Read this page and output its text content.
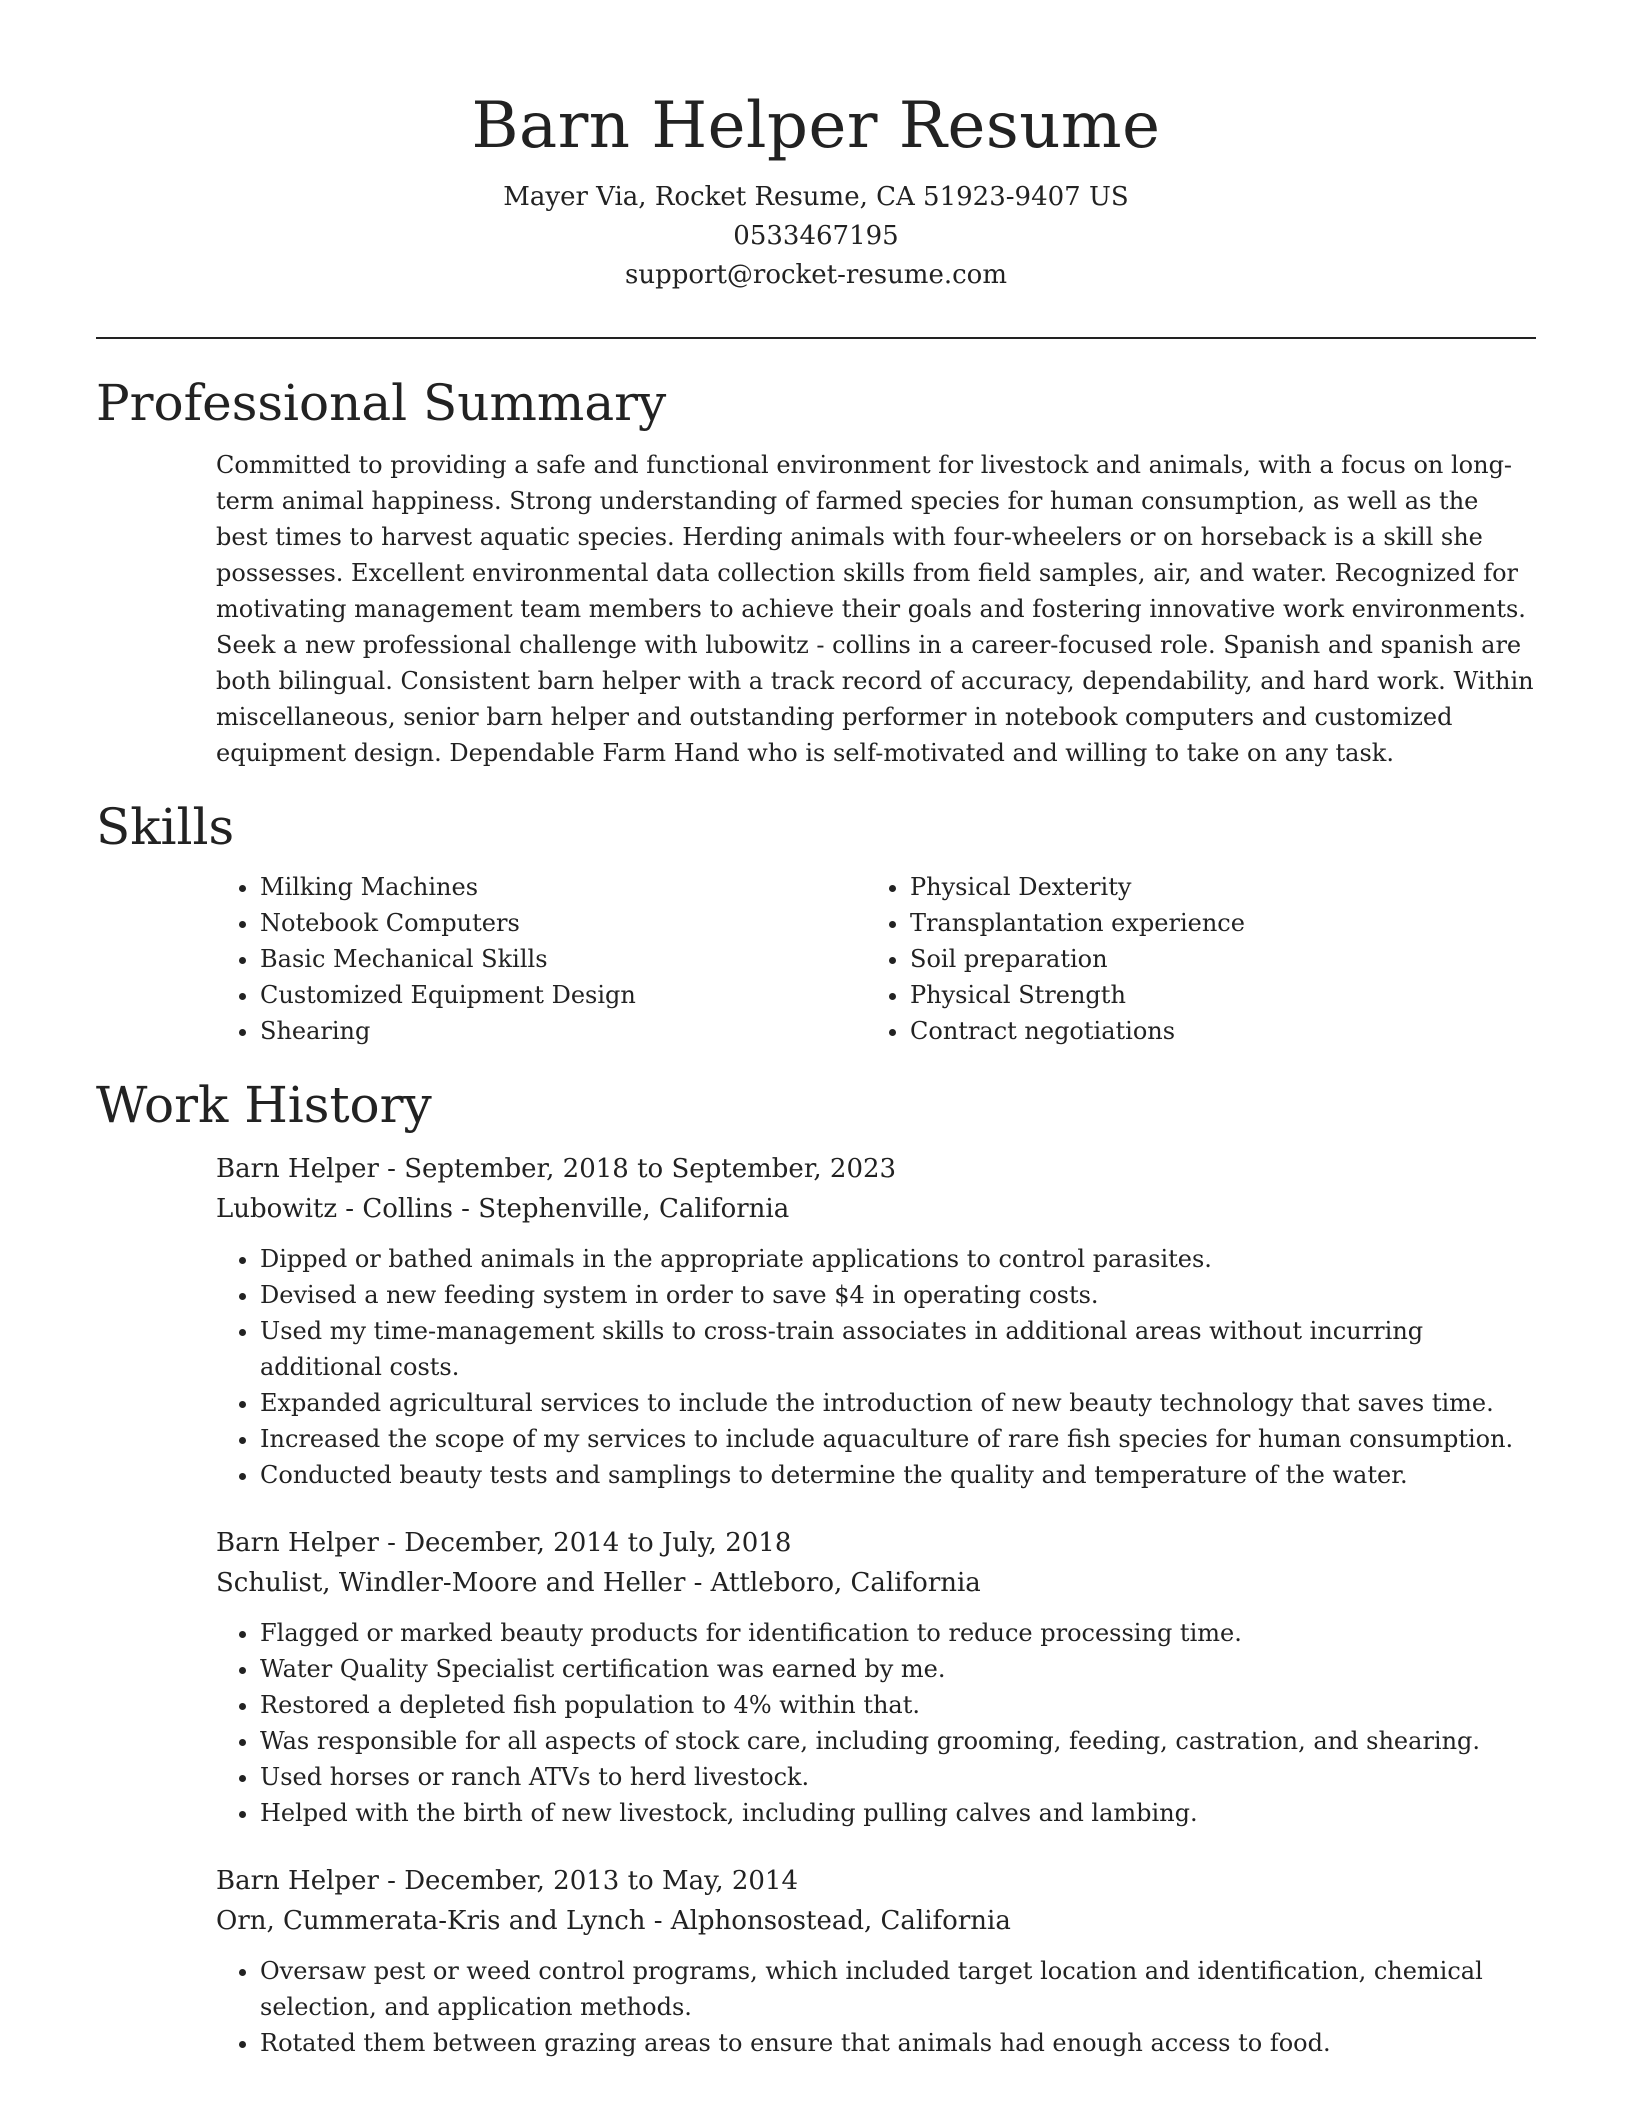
Barn Helper Resume
Mayer Via, Rocket Resume, CA 51923-9407 US
0533467195
support@rocket-resume.com
Professional Summary

Committed to providing a safe and functional environment for livestock and animals, with a focus on long-term animal happiness. Strong understanding of farmed species for human consumption, as well as the best times to harvest aquatic species. Herding animals with four-wheelers or on horseback is a skill she possesses. Excellent environmental data collection skills from field samples, air, and water. Recognized for motivating management team members to achieve their goals and fostering innovative work environments. Seek a new professional challenge with lubowitz - collins in a career-focused role. Spanish and spanish are both bilingual. Consistent barn helper with a track record of accuracy, dependability, and hard work. Within miscellaneous, senior barn helper and outstanding performer in notebook computers and customized equipment design. Dependable Farm Hand who is self-motivated and willing to take on any task.

Skills
• Milking Machines
• Notebook Computers
• Basic Mechanical Skills
• Customized Equipment Design
• Shearing
• Physical Dexterity
• Transplantation experience
• Soil preparation
• Physical Strength
• Contract negotiations
Work History
Barn Helper - September, 2018 to September, 2023
Lubowitz - Collins - Stephenville, California
• Dipped or bathed animals in the appropriate applications to control parasites.
• Devised a new feeding system in order to save $4 in operating costs.
• Used my time-management skills to cross-train associates in additional areas without incurring additional costs.
• Expanded agricultural services to include the introduction of new beauty technology that saves time.
• Increased the scope of my services to include aquaculture of rare fish species for human consumption.
• Conducted beauty tests and samplings to determine the quality and temperature of the water.
Barn Helper - December, 2014 to July, 2018
Schulist, Windler-Moore and Heller - Attleboro, California
• Flagged or marked beauty products for identification to reduce processing time.
• Water Quality Specialist certification was earned by me.
• Restored a depleted fish population to 4% within that.
• Was responsible for all aspects of stock care, including grooming, feeding, castration, and shearing.
• Used horses or ranch ATVs to herd livestock.
• Helped with the birth of new livestock, including pulling calves and lambing.
Barn Helper - December, 2013 to May, 2014
Orn, Cummerata-Kris and Lynch - Alphonsostead, California
• Oversaw pest or weed control programs, which included target location and identification, chemical selection, and application methods.
• Rotated them between grazing areas to ensure that animals had enough access to food.
